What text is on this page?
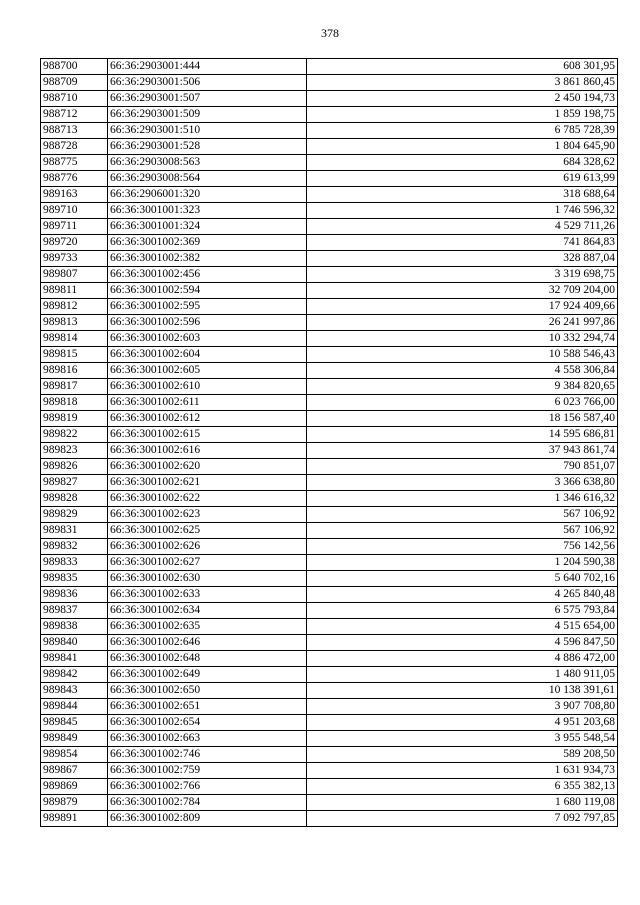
378
988700	66:36:2903001:444	608 301,95
988709	66:36:2903001:506	3 861 860,45
988710	66:36:2903001:507	2 450 194,73
988712	66:36:2903001:509	1 859 198,75
988713	66:36:2903001:510	6 785 728,39
988728	66:36:2903001:528	1 804 645,90
988775	66:36:2903008:563	684 328,62
988776	66:36:2903008:564	619 613,99
989163	66:36:2906001:320	318 688,64
989710	66:36:3001001:323	1 746 596,32
989711	66:36:3001001:324	4 529 711,26
989720	66:36:3001002:369	741 864,83
989733	66:36:3001002:382	328 887,04
989807	66:36:3001002:456	3 319 698,75
989811	66:36:3001002:594	32 709 204,00
989812	66:36:3001002:595	17 924 409,66
989813	66:36:3001002:596	26 241 997,86
989814	66:36:3001002:603	10 332 294,74
989815	66:36:3001002:604	10 588 546,43
989816	66:36:3001002:605	4 558 306,84
989817	66:36:3001002:610	9 384 820,65
989818	66:36:3001002:611	6 023 766,00
989819	66:36:3001002:612	18 156 587,40
989822	66:36:3001002:615	14 595 686,81
989823	66:36:3001002:616	37 943 861,74
989826	66:36:3001002:620	790 851,07
989827	66:36:3001002:621	3 366 638,80
989828	66:36:3001002:622	1 346 616,32
989829	66:36:3001002:623	567 106,92
989831	66:36:3001002:625	567 106,92
989832	66:36:3001002:626	756 142,56
989833	66:36:3001002:627	1 204 590,38
989835	66:36:3001002:630	5 640 702,16
989836	66:36:3001002:633	4 265 840,48
989837	66:36:3001002:634	6 575 793,84
989838	66:36:3001002:635	4 515 654,00
989840	66:36:3001002:646	4 596 847,50
989841	66:36:3001002:648	4 886 472,00
989842	66:36:3001002:649	1 480 911,05
989843	66:36:3001002:650	10 138 391,61
989844	66:36:3001002:651	3 907 708,80
989845	66:36:3001002:654	4 951 203,68
989849	66:36:3001002:663	3 955 548,54
989854	66:36:3001002:746	589 208,50
989867	66:36:3001002:759	1 631 934,73
989869	66:36:3001002:766	6 355 382,13
989879	66:36:3001002:784	1 680 119,08
989891	66:36:3001002:809	7 092 797,85
